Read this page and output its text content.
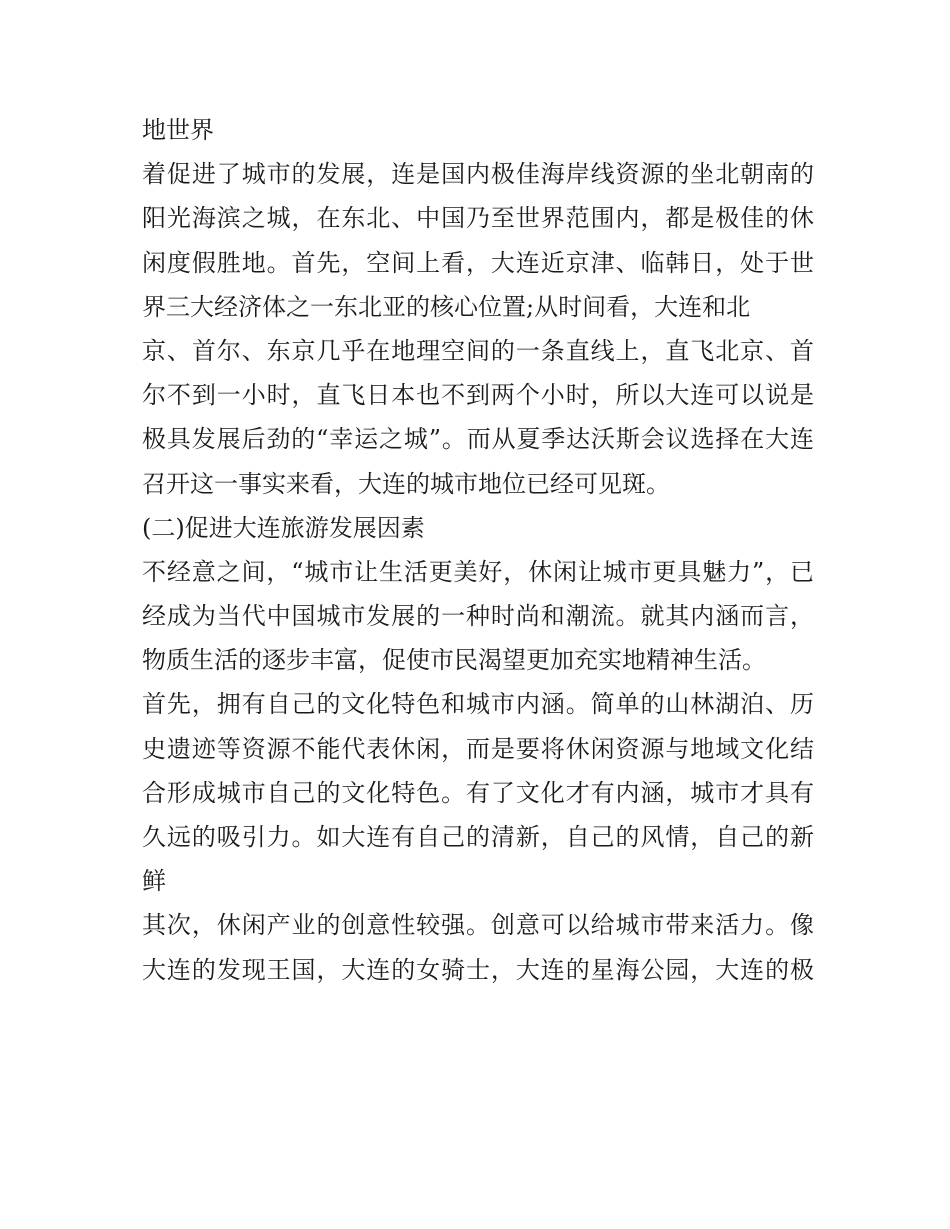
地世界
着促进了城市的发展，连是国内极佳海岸线资源的坐北朝南的
阳光海滨之城，在东北、中国乃至世界范围内，都是极佳的休
闲度假胜地。首先，空间上看，大连近京津、临韩日，处于世
界三大经济体之一东北亚的核心位置;从时间看，大连和北
京、首尔、东京几乎在地理空间的一条直线上，直飞北京、首
尔不到一小时，直飞日本也不到两个小时，所以大连可以说是
极具发展后劲的“幸运之城”。而从夏季达沃斯会议选择在大连
召开这一事实来看，大连的城市地位已经可见斑。
(二)促进大连旅游发展因素
不经意之间，“城市让生活更美好，休闲让城市更具魅力”，已
经成为当代中国城市发展的一种时尚和潮流。就其内涵而言，
物质生活的逐步丰富，促使市民渴望更加充实地精神生活。
首先，拥有自己的文化特色和城市内涵。简单的山林湖泊、历
史遗迹等资源不能代表休闲，而是要将休闲资源与地域文化结
合形成城市自己的文化特色。有了文化才有内涵，城市才具有
久远的吸引力。如大连有自己的清新，自己的风情，自己的新
鲜
其次，休闲产业的创意性较强。创意可以给城市带来活力。像
大连的发现王国，大连的女骑士，大连的星海公园，大连的极
